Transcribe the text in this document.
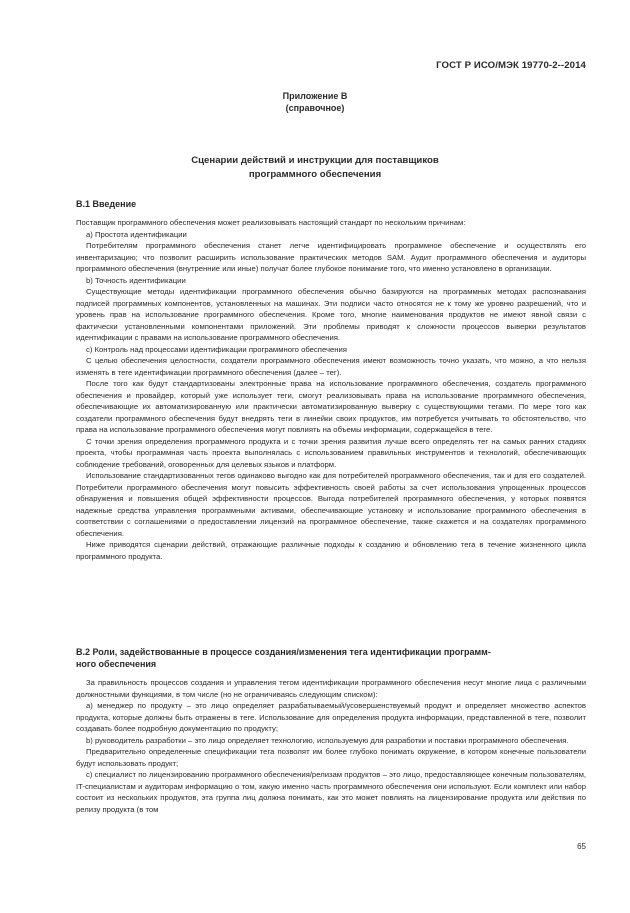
ГОСТ Р ИСО/МЭК 19770-2--2014
Приложение В
(справочное)
Сценарии действий и инструкции для поставщиков
программного обеспечения
В.1 Введение

Поставщик программного обеспечения может реализовывать настоящий стандарт по нескольким причинам:

а) Простота идентификации

Потребителям программного обеспечения станет легче идентифицировать программное обеспечение и осуществлять его инвентаризацию; что позволит расширить использование практических методов SAM. Аудит программного обеспечения и аудиторы программного обеспечения (внутренние или иные) получат более глубокое понимание того, что именно установлено в организации.

b) Точность идентификации

Существующие методы идентификации программного обеспечения обычно базируются на программных методах распознавания подписей программных компонентов, установленных на машинах. Эти подписи часто относятся не к тому же уровню разрешений, что и уровень прав на использование программного обеспечения. Кроме того, многие наименования продуктов не имеют явной связи с фактически установленными компонентами приложений. Эти проблемы приводят к сложности процессов выверки результатов идентификации с правами на использование программного обеспечения.

с) Контроль над процессами идентификации программного обеспечения

С целью обеспечения целостности, создатели программного обеспечения имеют возможность точно указать, что можно, а что нельзя изменять в теге идентификации программного обеспечения (далее – тег).

После того как будут стандартизованы электронные права на использование программного обеспечения, создатель программного обеспечения и провайдер, который уже использует теги, смогут реализовывать права на использование программного обеспечения, обеспечивающие их автоматизированную или практически автоматизированную выверку с существующими тегами. По мере того как создатели программного обеспечения будут внедрять теги в линейки своих продуктов, им потребуется учитывать то обстоятельство, что права на использование программного обеспечения могут повлиять на объемы информации, содержащейся в теге.

С точки зрения определения программного продукта и с точки зрения развития лучше всего определять тег на самых ранних стадиях проекта, чтобы программная часть проекта выполнялась с использованием правильных инструментов и технологий, обеспечивающих соблюдение требований, оговоренных для целевых языков и платформ.

Использование стандартизованных тегов одинаково выгодно как для потребителей программного обеспечения, так и для его создателей. Потребители программного обеспечения могут повысить эффективность своей работы за счет использования упрощенных процессов обнаружения и повышения общей эффективности процессов. Выгода потребителей программного обеспечения, у которых появятся надежные средства управления программными активами, обеспечивающие установку и использование программного обеспечения в соответствии с соглашениями о предоставлении лицензий на программное обеспечение, также скажется и на создателях программного обеспечения.

Ниже приводятся сценарии действий, отражающие различные подходы к созданию и обновлению тега в течение жизненного цикла программного продукта.

В.2 Роли, задействованные в процессе создания/изменения тега идентификации программ-
ного обеспечения

За правильность процессов создания и управления тегом идентификации программного обеспечения несут многие лица с различными должностными функциями, в том числе (но не ограничиваясь следующим списком):

а) менеджер по продукту – это лицо определяет разрабатываемый/усовершенствуемый продукт и определяет множество аспектов продукта, которые должны быть отражены в теге. Использование для определения продукта информации, представленной в теге, позволит создавать более подробную документацию по продукту;

b) руководитель разработки – это лицо определяет технологию, используемую для разработки и поставки программного обеспечения.

Предварительно определенные спецификации тега позволят им более глубоко понимать окружение, в котором конечные пользователи будут использовать продукт;

с) специалист по лицензированию программного обеспечения/релизам продуктов – это лицо, предоставляющее конечным пользователям, IT-специалистам и аудиторам информацию о том, какую именно часть программного обеспечения они используют. Если комплект или набор состоит из нескольких продуктов, эта группа лиц должна понимать, как это может повлиять на лицензирование продукта или действия по релизу продукта (в том

65
